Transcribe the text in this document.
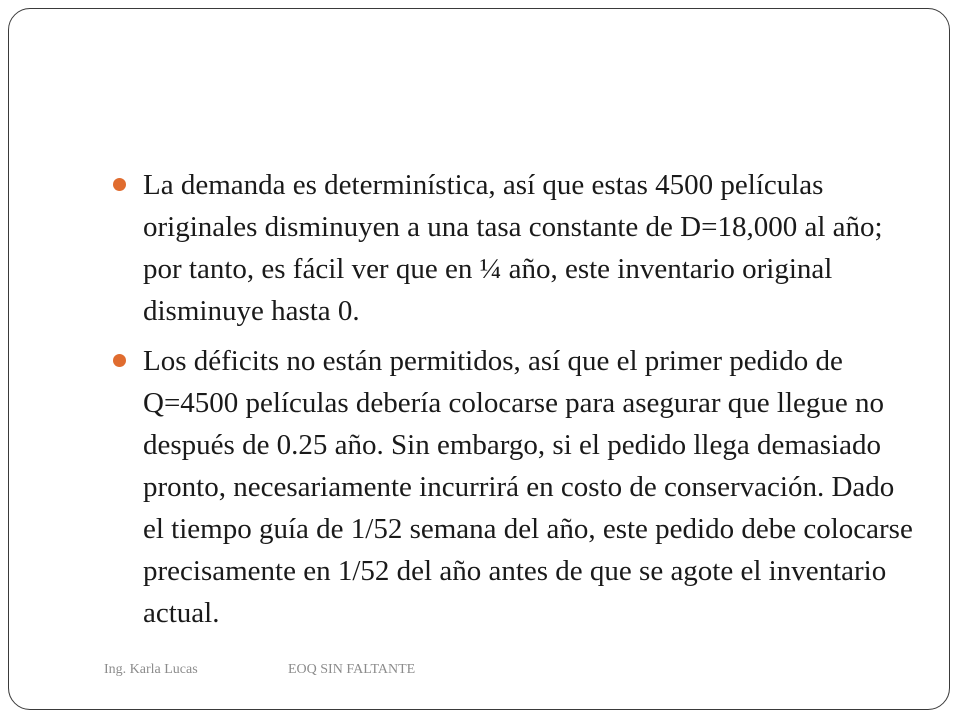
La demanda es determinística, así que estas 4500 películas originales disminuyen a una tasa constante de D=18,000 al año; por tanto, es fácil ver que en ¼ año, este inventario original disminuye hasta 0.
Los déficits no están permitidos, así que el primer pedido de Q=4500 películas debería colocarse para asegurar que llegue no después de 0.25 año. Sin embargo, si el pedido llega demasiado pronto, necesariamente incurrirá en costo de conservación. Dado el tiempo guía de 1/52 semana del año, este pedido debe colocarse precisamente en 1/52 del año antes de que se agote el inventario actual.
Ing. Karla Lucas	EOQ SIN FALTANTE
